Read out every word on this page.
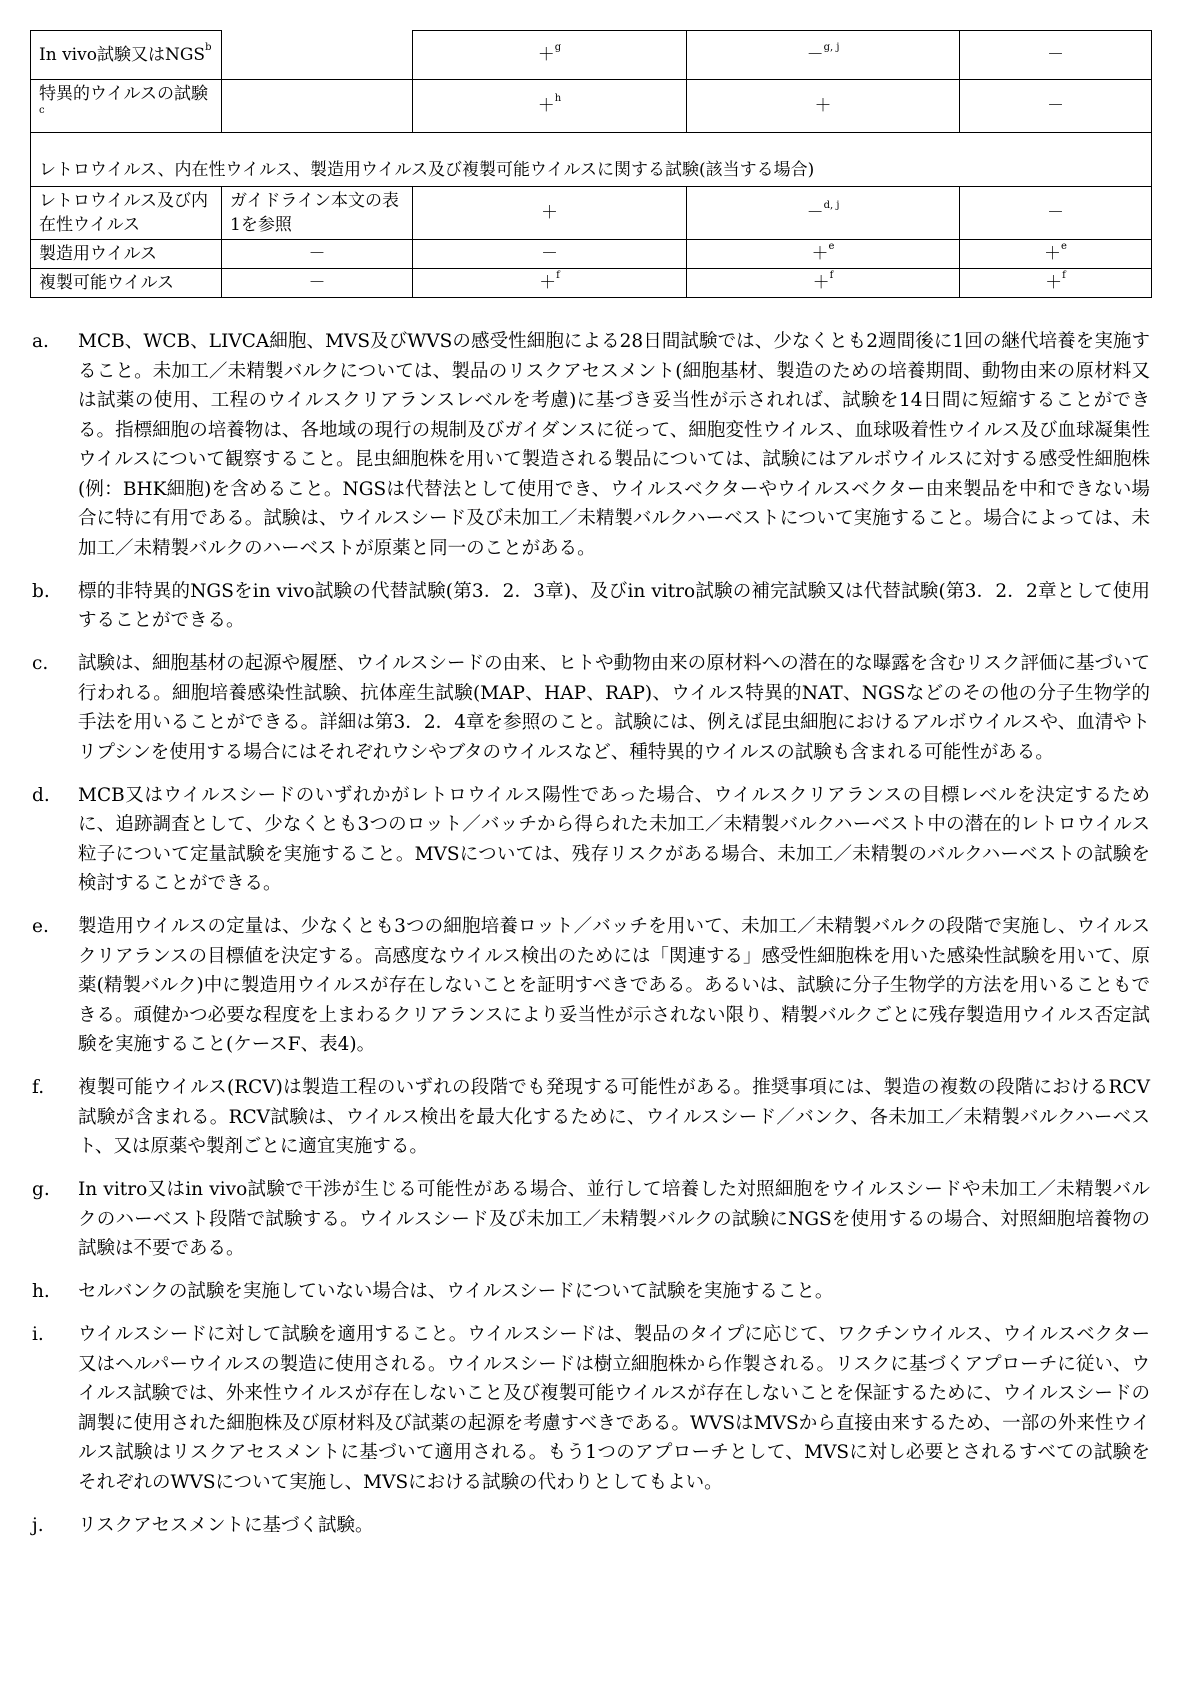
In vivo試験又はNGS$^b$		＋$^g$	－$^{g, j}$	－
特異的ウイルスの試験$^c$		＋$^h$	＋	－
レトロウイルス、内在性ウイルス、製造用ウイルス及び複製可能ウイルスに関する試験(該当する場合)				
レトロウイルス及び内在性ウイルス	ガイドライン本文の表1を参照	＋	－$^{d, j}$	－
製造用ウイルス	－	－	＋$^e$	＋$^e$
複製可能ウイルス	－	＋$^f$	＋$^f$	＋$^f$
a.	MCB、WCB、LIVCA細胞、MVS及びWVSの感受性細胞による28日間試験では、少なくとも2週間後に1回の継代培養を実施すること。未加工／未精製バルクについては、製品のリスクアセスメント(細胞基材、製造のための培養期間、動物由来の原材料又は試薬の使用、工程のウイルスクリアランスレベルを考慮)に基づき妥当性が示されれば、試験を14日間に短縮することができる。指標細胞の培養物は、各地域の現行の規制及びガイダンスに従って、細胞変性ウイルス、血球吸着性ウイルス及び血球凝集性ウイルスについて観察すること。昆虫細胞株を用いて製造される製品については、試験にはアルボウイルスに対する感受性細胞株(例：BHK細胞)を含めること。NGSは代替法として使用でき、ウイルスベクターやウイルスベクター由来製品を中和できない場合に特に有用である。試験は、ウイルスシード及び未加工／未精製バルクハーベストについて実施すること。場合によっては、未加工／未精製バルクのハーベストが原薬と同一のことがある。
b.	標的非特異的NGSをin vivo試験の代替試験(第3．2．3章)、及びin vitro試験の補完試験又は代替試験(第3．2．2章として使用することができる。
c.	試験は、細胞基材の起源や履歴、ウイルスシードの由来、ヒトや動物由来の原材料への潜在的な曝露を含むリスク評価に基づいて行われる。細胞培養感染性試験、抗体産生試験(MAP、HAP、RAP)、ウイルス特異的NAT、NGSなどのその他の分子生物学的手法を用いることができる。詳細は第3．2．4章を参照のこと。試験には、例えば昆虫細胞におけるアルボウイルスや、血清やトリプシンを使用する場合にはそれぞれウシやブタのウイルスなど、種特異的ウイルスの試験も含まれる可能性がある。
d.	MCB又はウイルスシードのいずれかがレトロウイルス陽性であった場合、ウイルスクリアランスの目標レベルを決定するために、追跡調査として、少なくとも3つのロット／バッチから得られた未加工／未精製バルクハーベスト中の潜在的レトロウイルス粒子について定量試験を実施すること。MVSについては、残存リスクがある場合、未加工／未精製のバルクハーベストの試験を検討することができる。
e.	製造用ウイルスの定量は、少なくとも3つの細胞培養ロット／バッチを用いて、未加工／未精製バルクの段階で実施し、ウイルスクリアランスの目標値を決定する。高感度なウイルス検出のためには「関連する」感受性細胞株を用いた感染性試験を用いて、原薬(精製バルク)中に製造用ウイルスが存在しないことを証明すべきである。あるいは、試験に分子生物学的方法を用いることもできる。頑健かつ必要な程度を上まわるクリアランスにより妥当性が示されない限り、精製バルクごとに残存製造用ウイルス否定試験を実施すること(ケースF、表4)。
f.	複製可能ウイルス(RCV)は製造工程のいずれの段階でも発現する可能性がある。推奨事項には、製造の複数の段階におけるRCV試験が含まれる。RCV試験は、ウイルス検出を最大化するために、ウイルスシード／バンク、各未加工／未精製バルクハーベスト、又は原薬や製剤ごとに適宜実施する。
g.	In vitro又はin vivo試験で干渉が生じる可能性がある場合、並行して培養した対照細胞をウイルスシードや未加工／未精製バルクのハーベスト段階で試験する。ウイルスシード及び未加工／未精製バルクの試験にNGSを使用するの場合、対照細胞培養物の試験は不要である。
h.	セルバンクの試験を実施していない場合は、ウイルスシードについて試験を実施すること。
i.	ウイルスシードに対して試験を適用すること。ウイルスシードは、製品のタイプに応じて、ワクチンウイルス、ウイルスベクター又はヘルパーウイルスの製造に使用される。ウイルスシードは樹立細胞株から作製される。リスクに基づくアプローチに従い、ウイルス試験では、外来性ウイルスが存在しないこと及び複製可能ウイルスが存在しないことを保証するために、ウイルスシードの調製に使用された細胞株及び原材料及び試薬の起源を考慮すべきである。WVSはMVSから直接由来するため、一部の外来性ウイルス試験はリスクアセスメントに基づいて適用される。もう1つのアプローチとして、MVSに対し必要とされるすべての試験をそれぞれのWVSについて実施し、MVSにおける試験の代わりとしてもよい。
j.	リスクアセスメントに基づく試験。
